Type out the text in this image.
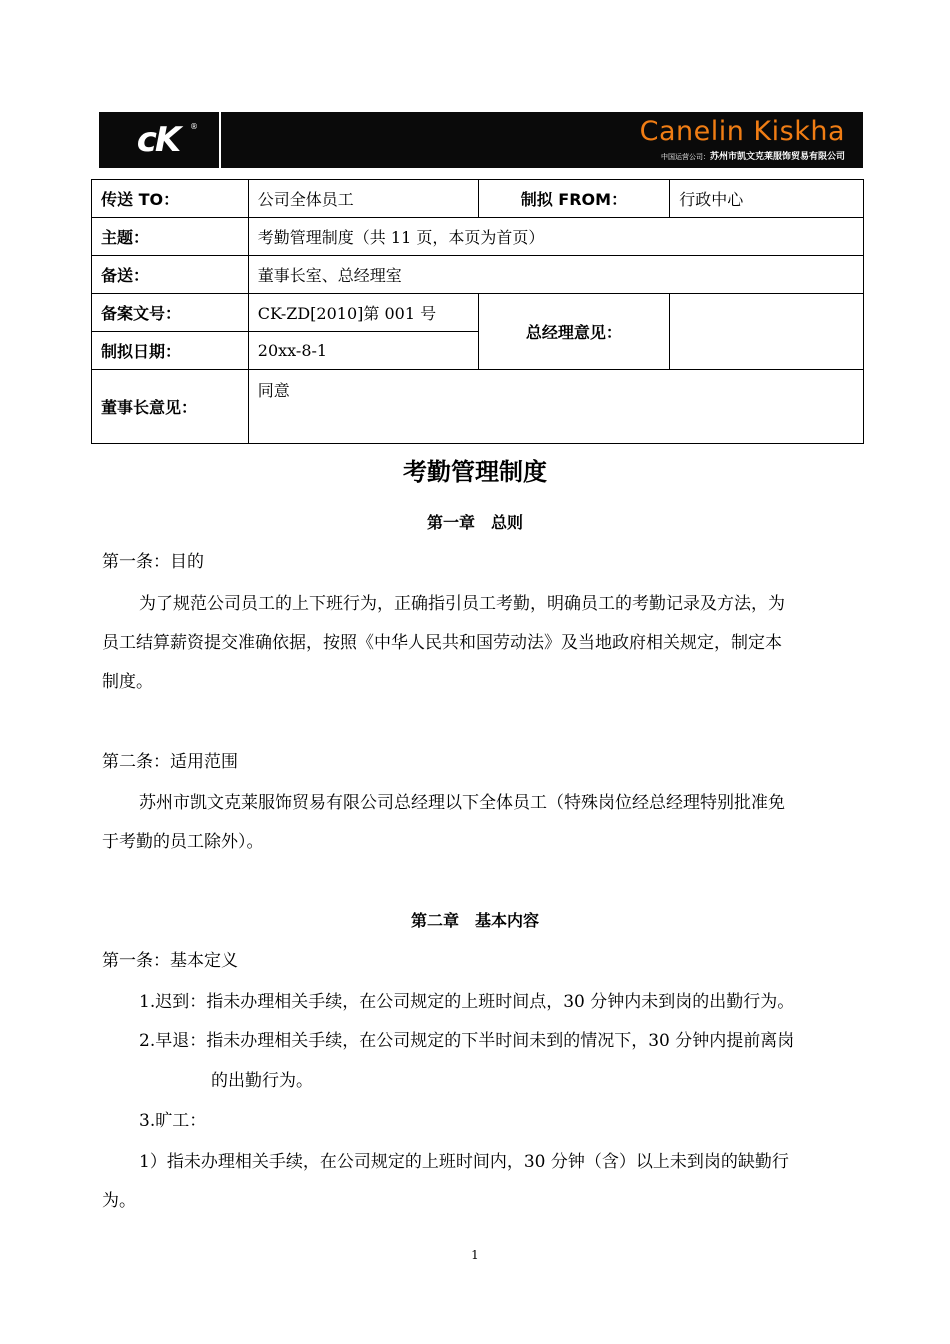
cK ®	Canelin Kiskha
中国运营公司：苏州市凯文克莱服饰贸易有限公司
传送 TO：	公司全体员工	制拟 FROM：	行政中心
主题：	考勤管理制度（共 11 页，本页为首页）		
备送：	董事长室、总经理室		
备案文号：	CK-ZD[2010]第 001 号	总经理意见：	
制拟日期：	20xx-8-1		
董事长意见：	同意		
考勤管理制度
第一章　总则
第一条：目的
为了规范公司员工的上下班行为，正确指引员工考勤，明确员工的考勤记录及方法，为
员工结算薪资提交准确依据，按照《中华人民共和国劳动法》及当地政府相关规定，制定本
制度。
第二条：适用范围
苏州市凯文克莱服饰贸易有限公司总经理以下全体员工（特殊岗位经总经理特别批准免
于考勤的员工除外）。
第二章　基本内容
第一条：基本定义
1.迟到：指未办理相关手续，在公司规定的上班时间点，30 分钟内未到岗的出勤行为。
2.早退：指未办理相关手续，在公司规定的下半时间未到的情况下，30 分钟内提前离岗
的出勤行为。
3.旷工：
1）指未办理相关手续，在公司规定的上班时间内，30 分钟（含）以上未到岗的缺勤行
为。
1
